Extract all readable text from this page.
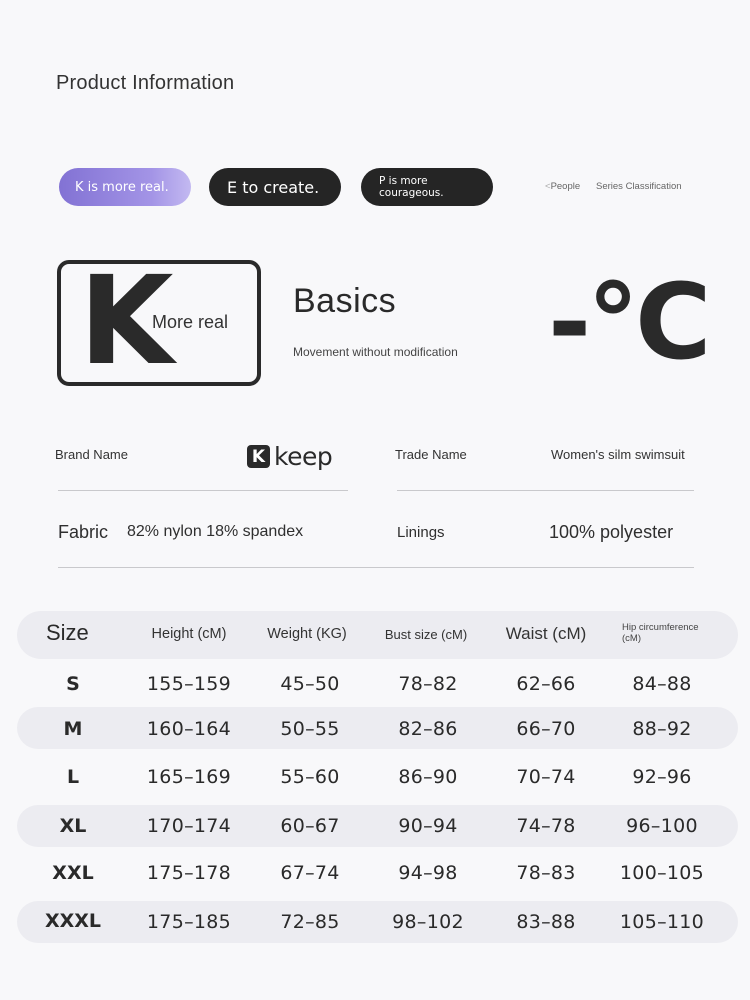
Product Information
K is more real.	E to create.	P is more
courageous.
<People Series Classification
K
More real
Basics
Movement without modification -°C
Brand Name	K keep	Trade Name	Women's silm swimsuit
Fabric 82% nylon 18% spandex	Linings	100% polyester
Size	Height (cM)	Weight (KG)	Bust size (cM)	Waist (cM)	Hip circumference (cM)
S	155–159	45–50	78–82	62–66	84–88
M	160–164	50–55	82–86	66–70	88–92
L	165–169	55–60	86–90	70–74	92–96
XL	170–174	60–67	90–94	74–78	96–100
XXL	175–178	67–74	94–98	78–83	100–105
XXXL	175–185	72–85	98–102	83–88	105–110
